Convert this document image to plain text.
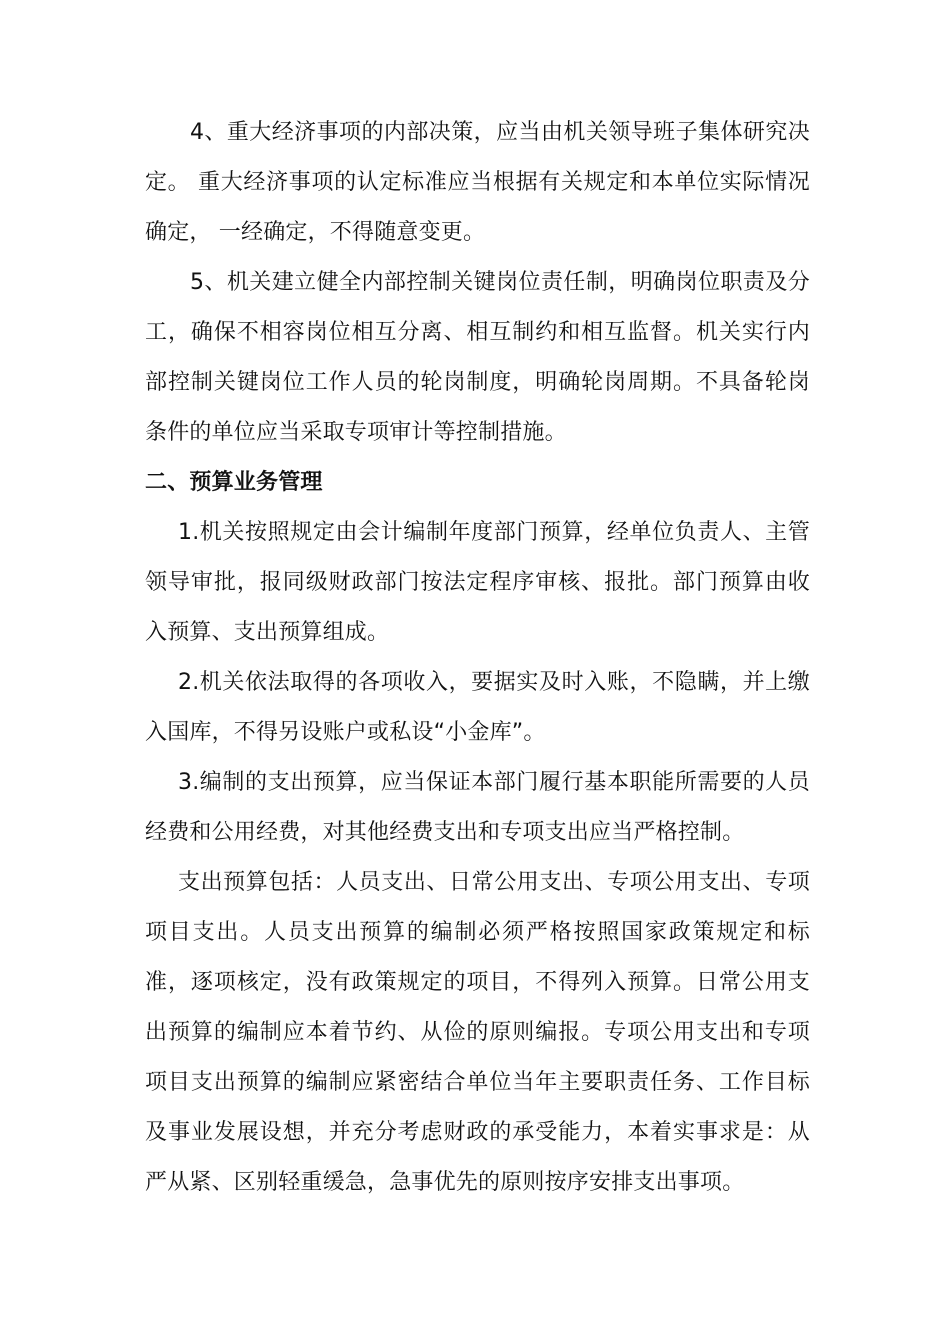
4、重大经济事项的内部决策，应当由机关领导班子集体研究决定。 重大经济事项的认定标准应当根据有关规定和本单位实际情况确定， 一经确定，不得随意变更。

5、机关建立健全内部控制关键岗位责任制，明确岗位职责及分工，确保不相容岗位相互分离、相互制约和相互监督。机关实行内部控制关键岗位工作人员的轮岗制度，明确轮岗周期。不具备轮岗条件的单位应当采取专项审计等控制措施。

二、预算业务管理

1.机关按照规定由会计编制年度部门预算，经单位负责人、主管领导审批，报同级财政部门按法定程序审核、报批。部门预算由收入预算、支出预算组成。

2.机关依法取得的各项收入，要据实及时入账，不隐瞒，并上缴入国库，不得另设账户或私设“小金库”。

3.编制的支出预算，应当保证本部门履行基本职能所需要的人员经费和公用经费，对其他经费支出和专项支出应当严格控制。

支出预算包括：人员支出、日常公用支出、专项公用支出、专项项目支出。人员支出预算的编制必须严格按照国家政策规定和标准，逐项核定，没有政策规定的项目，不得列入预算。日常公用支出预算的编制应本着节约、从俭的原则编报。专项公用支出和专项项目支出预算的编制应紧密结合单位当年主要职责任务、工作目标及事业发展设想，并充分考虑财政的承受能力，本着实事求是：从严从紧、区别轻重缓急，急事优先的原则按序安排支出事项。
